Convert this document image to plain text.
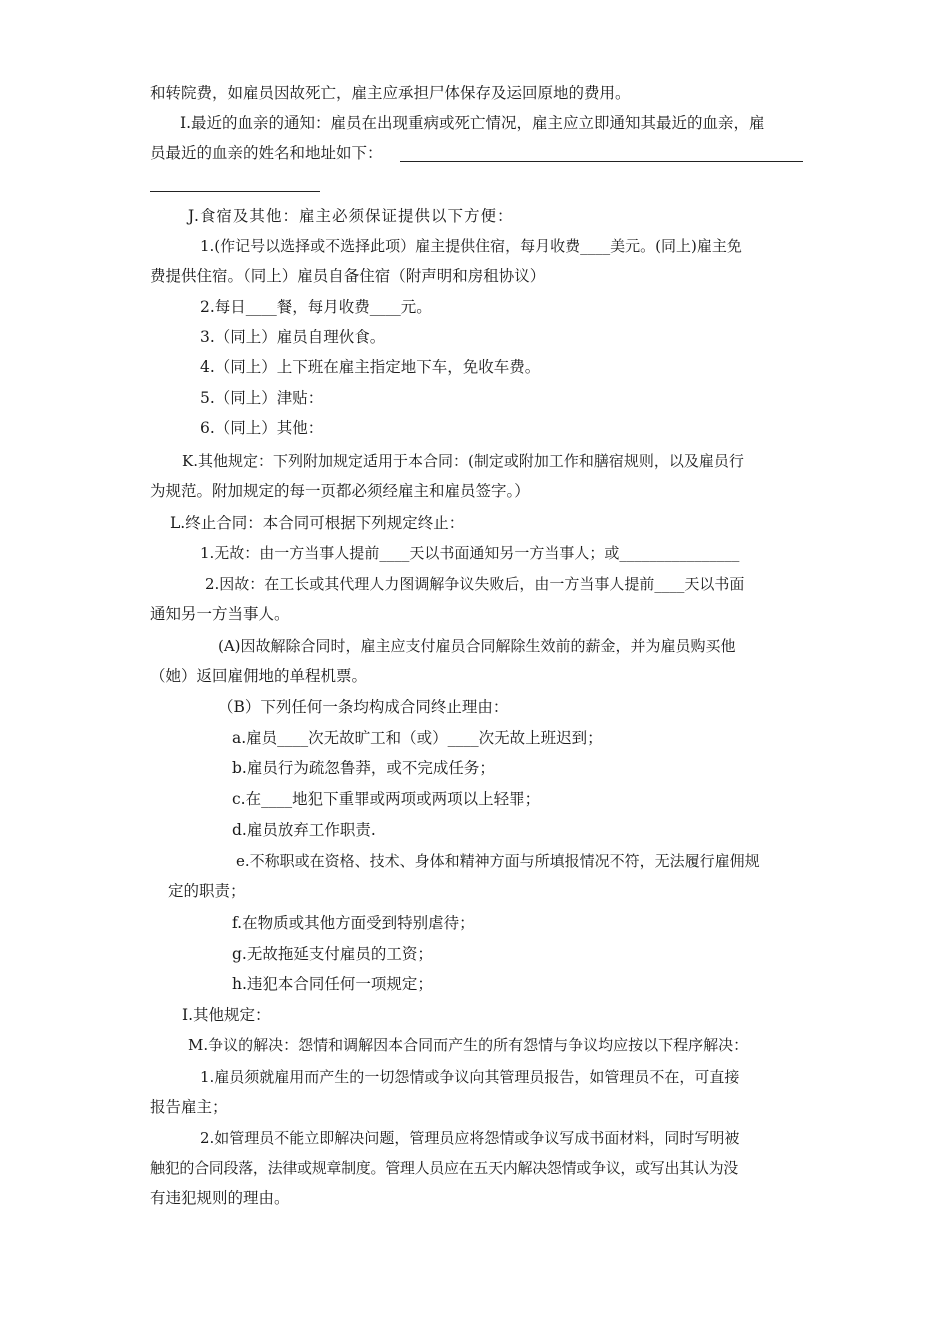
和转院费，如雇员因故死亡，雇主应承担尸体保存及运回原地的费用。
I.最近的血亲的通知：雇员在出现重病或死亡情况，雇主应立即通知其最近的血亲，雇
员最近的血亲的姓名和地址如下：
J.食宿及其他：雇主必须保证提供以下方便：
1.(作记号以选择或不选择此项）雇主提供住宿，每月收费____美元。(同上)雇主免
费提供住宿。（同上）雇员自备住宿（附声明和房租协议）
2.每日____餐，每月收费____元。
3.（同上）雇员自理伙食。
4.（同上）上下班在雇主指定地下车，免收车费。
5.（同上）津贴：
6.（同上）其他：
K.其他规定：下列附加规定适用于本合同：(制定或附加工作和膳宿规则，以及雇员行
为规范。附加规定的每一页都必须经雇主和雇员签字。）
L.终止合同：本合同可根据下列规定终止：
1.无故：由一方当事人提前____天以书面通知另一方当事人；或________________
2.因故：在工长或其代理人力图调解争议失败后，由一方当事人提前____天以书面
通知另一方当事人。
(A)因故解除合同时，雇主应支付雇员合同解除生效前的薪金，并为雇员购买他
（她）返回雇佣地的单程机票。
（B）下列任何一条均构成合同终止理由：
a.雇员____次无故旷工和（或）____次无故上班迟到；
b.雇员行为疏忽鲁莽，或不完成任务；
c.在____地犯下重罪或两项或两项以上轻罪；
d.雇员放弃工作职责.
e.不称职或在资格、技术、身体和精神方面与所填报情况不符，无法履行雇佣规
定的职责；
f.在物质或其他方面受到特别虐待；
g.无故拖延支付雇员的工资；
h.违犯本合同任何一项规定；
I.其他规定：
M.争议的解决：怨情和调解因本合同而产生的所有怨情与争议均应按以下程序解决：
1.雇员须就雇用而产生的一切怨情或争议向其管理员报告，如管理员不在，可直接
报告雇主；
2.如管理员不能立即解决问题，管理员应将怨情或争议写成书面材料，同时写明被
触犯的合同段落，法律或规章制度。管理人员应在五天内解决怨情或争议，或写出其认为没
有违犯规则的理由。
